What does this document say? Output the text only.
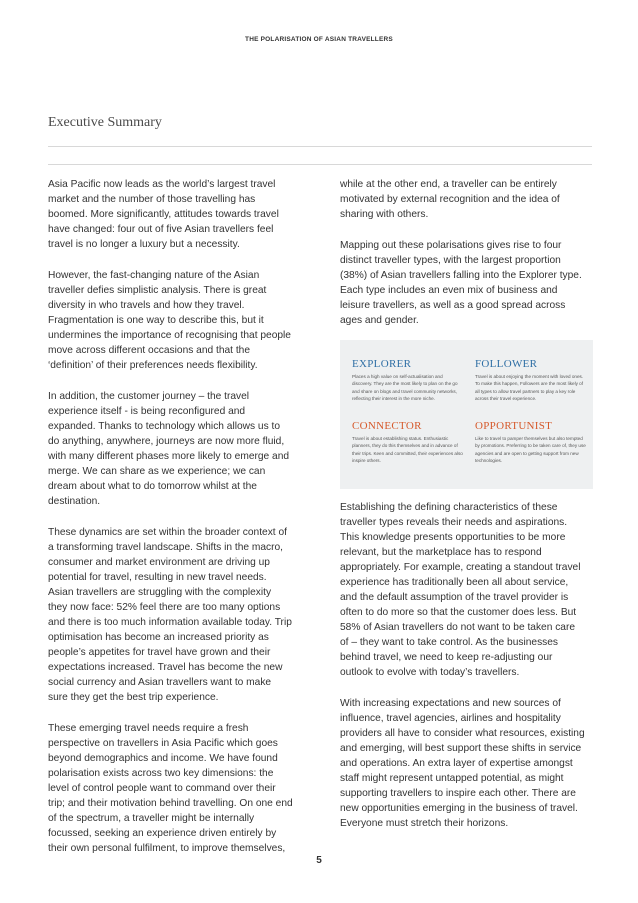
THE POLARISATION OF ASIAN TRAVELLERS
Executive Summary

Asia Pacific now leads as the world’s largest travel market and the number of those travelling has boomed. More significantly, attitudes towards travel have changed: four out of five Asian travellers feel travel is no longer a luxury but a necessity.

However, the fast-changing nature of the Asian traveller defies simplistic analysis. There is great diversity in who travels and how they travel. Fragmentation is one way to describe this, but it undermines the importance of recognising that people move across different occasions and that the ‘definition’ of their preferences needs flexibility.

In addition, the customer journey – the travel experience itself - is being reconfigured and expanded. Thanks to technology which allows us to do anything, anywhere, journeys are now more fluid, with many different phases more likely to emerge and merge. We can share as we experience; we can dream about what to do tomorrow whilst at the destination.

These dynamics are set within the broader context of a transforming travel landscape. Shifts in the macro, consumer and market environment are driving up potential for travel, resulting in new travel needs. Asian travellers are struggling with the complexity they now face: 52% feel there are too many options and there is too much information available today. Trip optimisation has become an increased priority as people’s appetites for travel have grown and their expectations increased. Travel has become the new social currency and Asian travellers want to make sure they get the best trip experience.

These emerging travel needs require a fresh perspective on travellers in Asia Pacific which goes beyond demographics and income. We have found polarisation exists across two key dimensions: the level of control people want to command over their trip; and their motivation behind travelling. On one end of the spectrum, a traveller might be internally focussed, seeking an experience driven entirely by their own personal fulfilment, to improve themselves,

while at the other end, a traveller can be entirely motivated by external recognition and the idea of sharing with others.

Mapping out these polarisations gives rise to four distinct traveller types, with the largest proportion (38%) of Asian travellers falling into the Explorer type. Each type includes an even mix of business and leisure travellers, as well as a good spread across ages and gender.

EXPLORER
Places a high value on self-actualisation and discovery. They are the most likely to plan on the go and share on blogs and travel community networks, reflecting their interest in the more niche.
FOLLOWER
Travel is about enjoying the moment with loved ones. To make this happen, Followers are the most likely of all types to allow travel partners to play a key role across their travel experience.
CONNECTOR
Travel is about establishing status. Enthusiastic planners, they do this themselves and in advance of their trips. Keen and committed, their experiences also inspire others.
OPPORTUNIST
Like to travel to pamper themselves but also tempted by promotions. Preferring to be taken care of, they use agencies and are open to getting support from new technologies.

Establishing the defining characteristics of these traveller types reveals their needs and aspirations. This knowledge presents opportunities to be more relevant, but the marketplace has to respond appropriately. For example, creating a standout travel experience has traditionally been all about service, and the default assumption of the travel provider is often to do more so that the customer does less. But 58% of Asian travellers do not want to be taken care of – they want to take control. As the businesses behind travel, we need to keep re-adjusting our outlook to evolve with today’s travellers.

With increasing expectations and new sources of influence, travel agencies, airlines and hospitality providers all have to consider what resources, existing and emerging, will best support these shifts in service and operations. An extra layer of expertise amongst staff might represent untapped potential, as might supporting travellers to inspire each other. There are new opportunities emerging in the business of travel. Everyone must stretch their horizons.

5
